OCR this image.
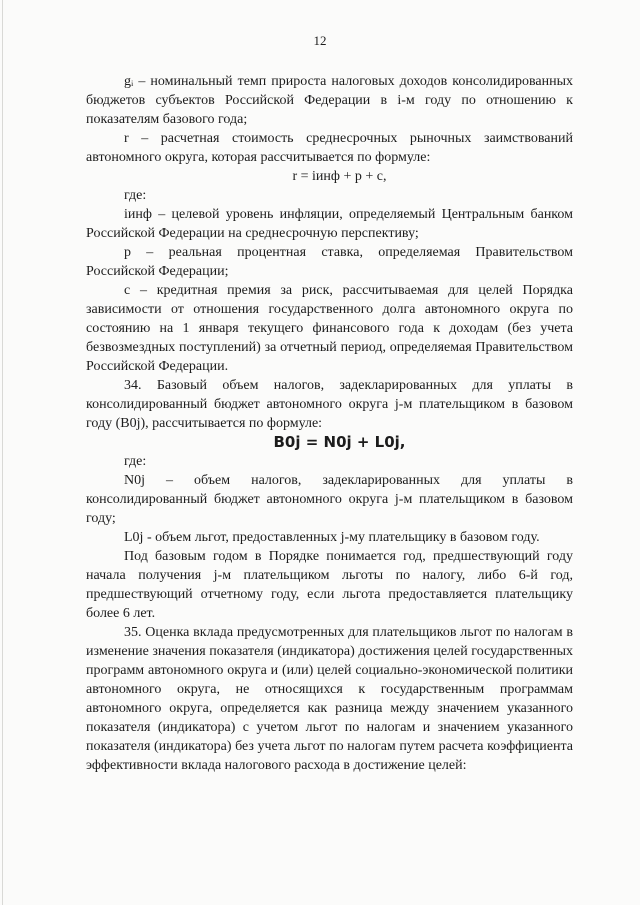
12

gᵢ – номинальный темп прироста налоговых доходов консолидированных бюджетов субъектов Российской Федерации в i-м году по отношению к показателям базового года;

r – расчетная стоимость среднесрочных рыночных заимствований автономного округа, которая рассчитывается по формуле:

r = iинф + p + c,

где:

iинф – целевой уровень инфляции, определяемый Центральным банком Российской Федерации на среднесрочную перспективу;

p – реальная процентная ставка, определяемая Правительством Российской Федерации;

c – кредитная премия за риск, рассчитываемая для целей Порядка зависимости от отношения государственного долга автономного округа по состоянию на 1 января текущего финансового года к доходам (без учета безвозмездных поступлений) за отчетный период, определяемая Правительством Российской Федерации.

34. Базовый объем налогов, задекларированных для уплаты в консолидированный бюджет автономного округа j-м плательщиком в базовом году (B0j), рассчитывается по формуле:

B0j = N0j + L0j,

где:

N0j – объем налогов, задекларированных для уплаты в консолидированный бюджет автономного округа j-м плательщиком в базовом году;

L0j - объем льгот, предоставленных j-му плательщику в базовом году.

Под базовым годом в Порядке понимается год, предшествующий году начала получения j-м плательщиком льготы по налогу, либо 6-й год, предшествующий отчетному году, если льгота предоставляется плательщику более 6 лет.

35. Оценка вклада предусмотренных для плательщиков льгот по налогам в изменение значения показателя (индикатора) достижения целей государственных программ автономного округа и (или) целей социально-экономической политики автономного округа, не относящихся к государственным программам автономного округа, определяется как разница между значением указанного показателя (индикатора) с учетом льгот по налогам и значением указанного показателя (индикатора) без учета льгот по налогам путем расчета коэффициента эффективности вклада налогового расхода в достижение целей:
